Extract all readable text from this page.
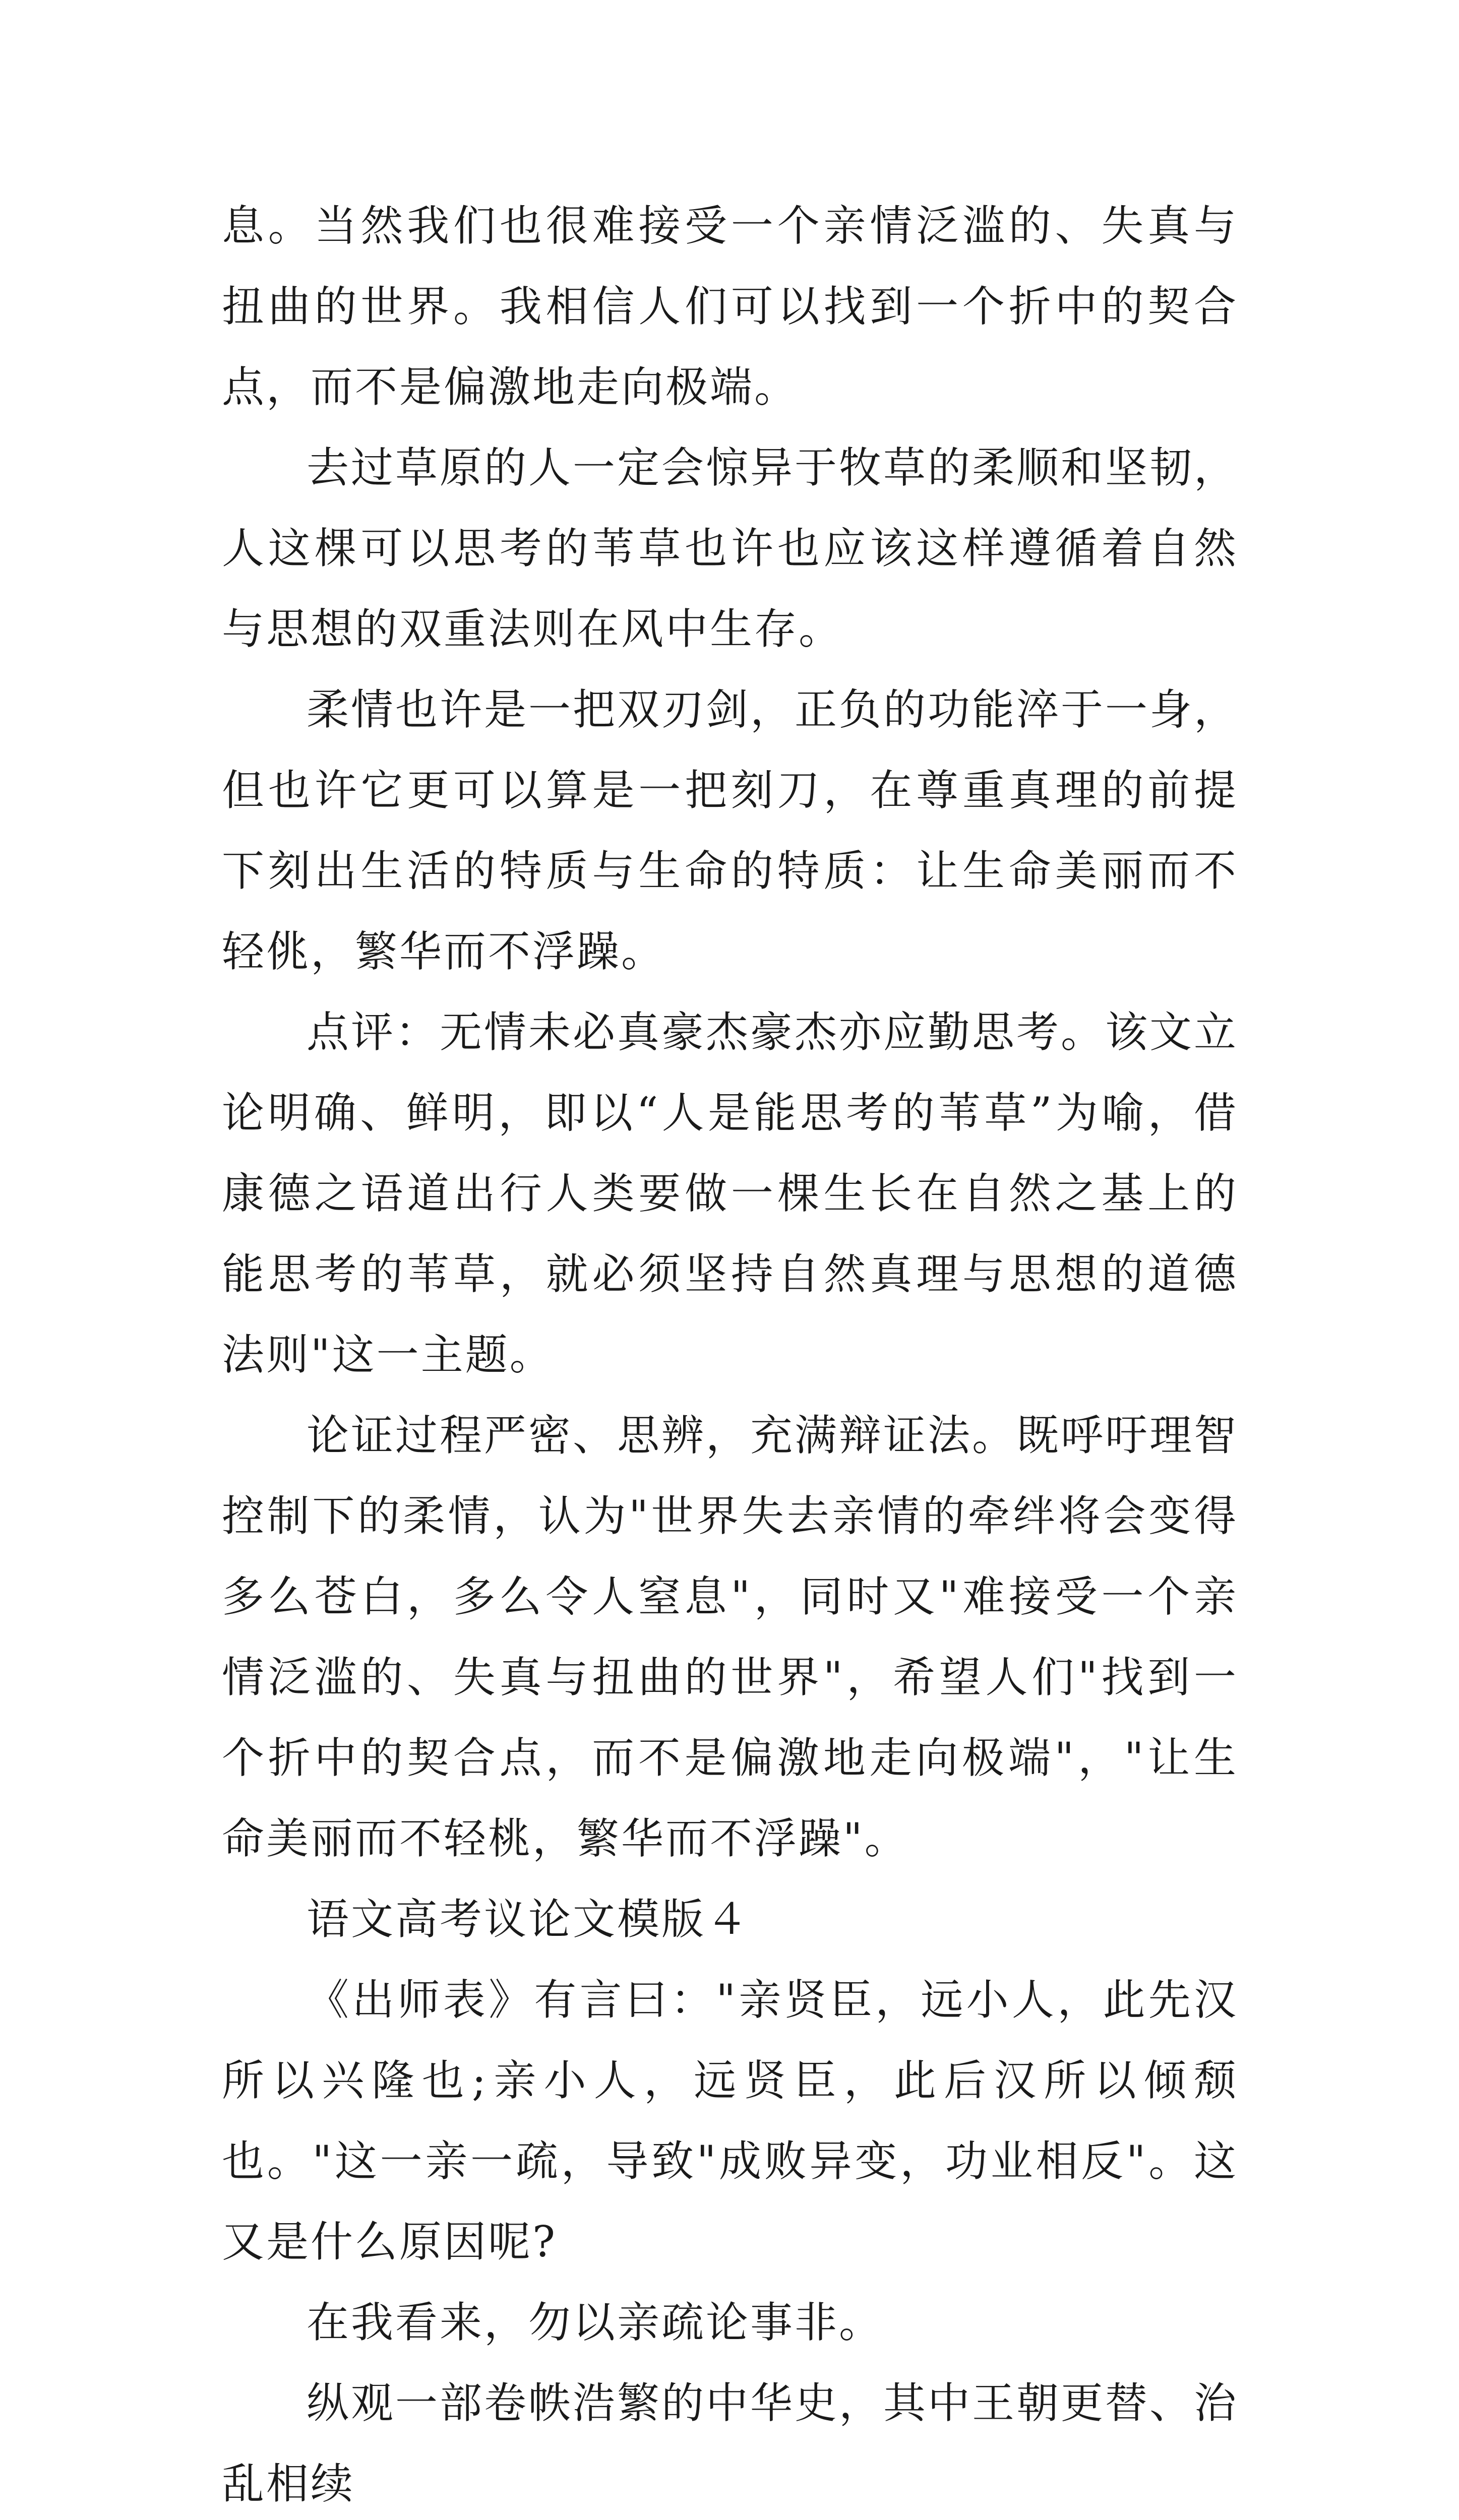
息。当然我们也很难接受一个亲情泛滥的、失真与扭曲的世界。我相信人们可以找到一个折中的契合点，而不是偏激地走向极端。

去过草原的人一定会惊异于牧草的柔顺和坚韧，人这棵可以思考的苇草也许也应该这样遵循着自然与思想的双重法则在风中生存。

柔情也许是一把双刃剑，正负的功能淬于一身，但也许它更可以算是一把刻刀，在尊重真理的前提下刻出生活的特质与生命的特质：让生命美丽而不轻佻，繁华而不浮躁。

点评：无情未必真豪杰豪杰亦应勤思考。该文立论明确、鲜明，即以“人是能思考的苇草”为喻，借康德之语道出行人类要做一棵生长在自然之基上的能思考的苇草，就必须坚持自然真理与思想的道德法则"这一主题。

论证过程严密、思辨，充满辩证法。既呼吁理智控制下的柔情，认为"世界失去亲情的牵绊将会变得多么苍白，多么令人窒息"，同时又"难接受一个亲情泛滥的、失真与扭曲的世界"，希望人们"找到一个折中的契合点，而不是偏激地走向极端"，"让生命美丽而不轻桃，繁华而不浮躁"。

语文高考议论文模版４

《出师表》有言曰："亲贤臣，远小人，此先汉所以兴隆也;亲小人，远贤臣，此后汉所以倾颓也。"这一亲一疏，导致"成败异变，功业相反"。这又是什么原因呢?

在我看来，勿以亲疏论事非。

纵观一部卷帙浩繁的中华史，其中王朝更替、治乱相续
